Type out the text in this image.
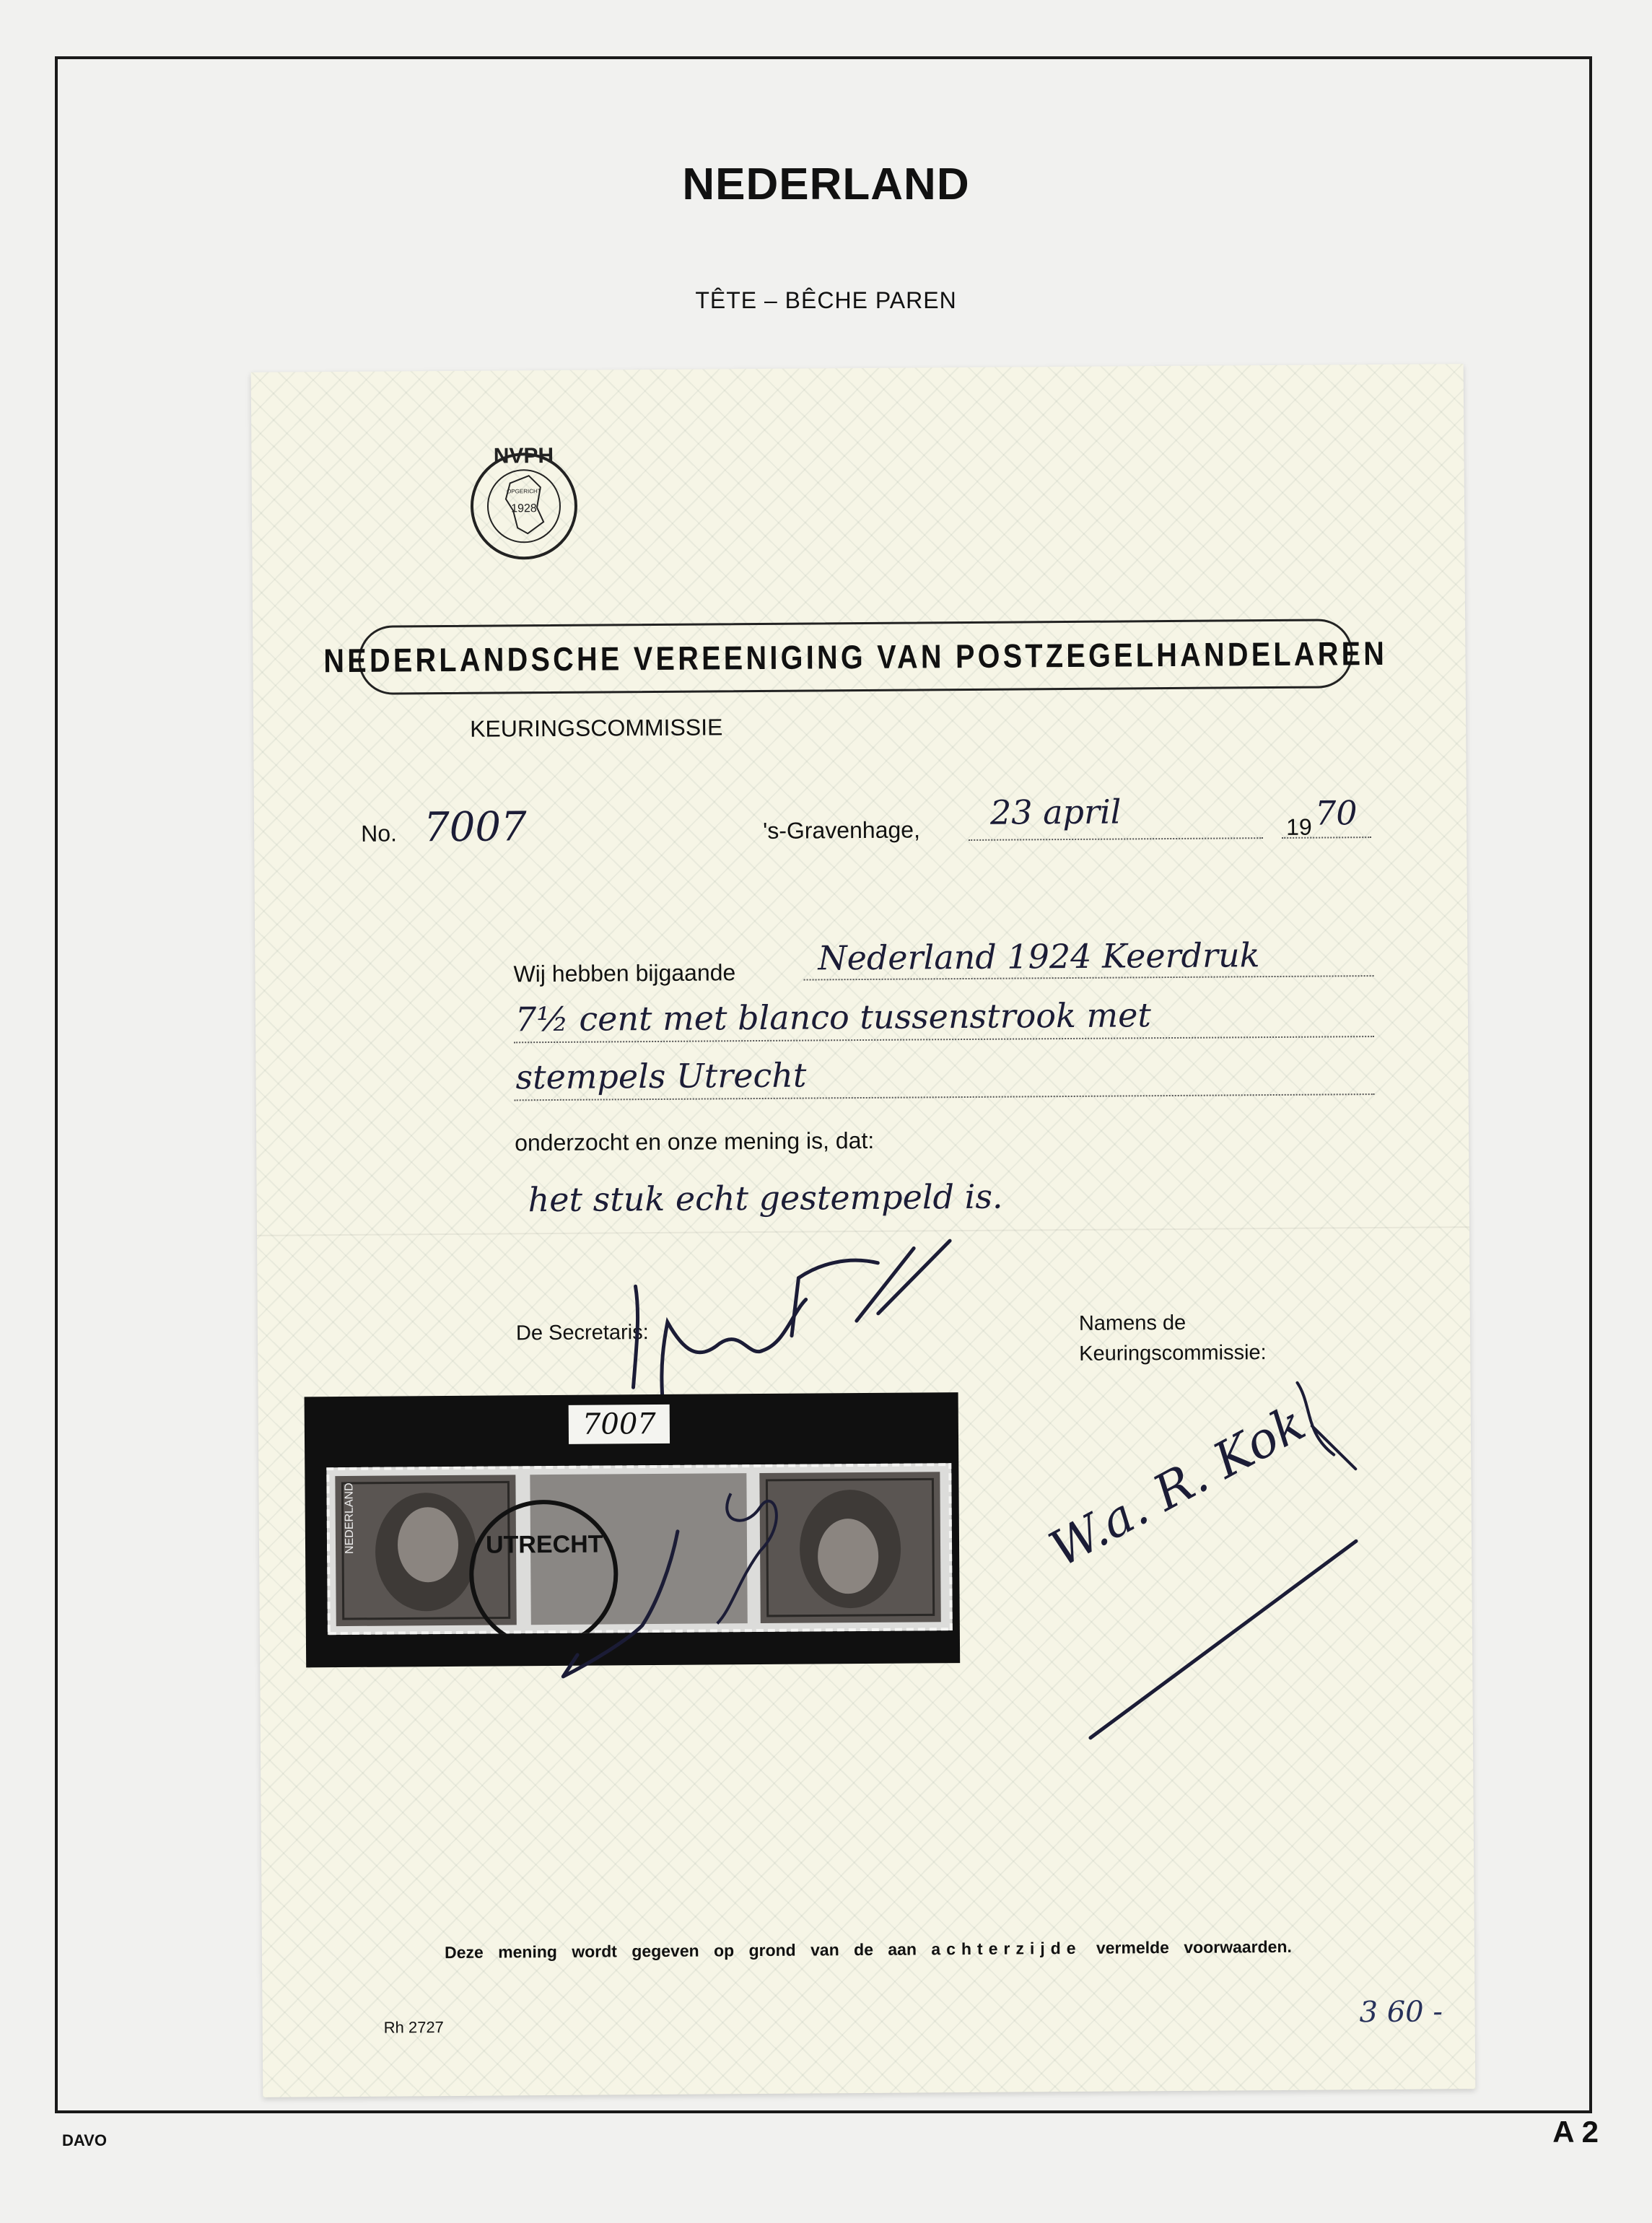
NEDERLAND
TÊTE – BÊCHE PAREN
NVPH
1928
OPGERICHT
NEDERLANDSCHE VEREENIGING VAN POSTZEGELHANDELAREN
KEURINGSCOMMISSIE
No. 7007	's-Gravenhage, 23 april	19 70
Wij hebben bijgaande Nederland 1924 Keerdruk
7½ cent met blanco tussenstrook met
stempels Utrecht
onderzocht en onze mening is, dat:
het stuk echt gestempeld is.
De Secretaris:	Namens de
Keuringscommissie:
7007
NEDERLAND	UTRECHT	W.a. R. Kok
Deze mening wordt gegeven op grond van de aan achterzijde vermelde voorwaarden.
Rh 2727	3 60 -
DAVO	A 2
